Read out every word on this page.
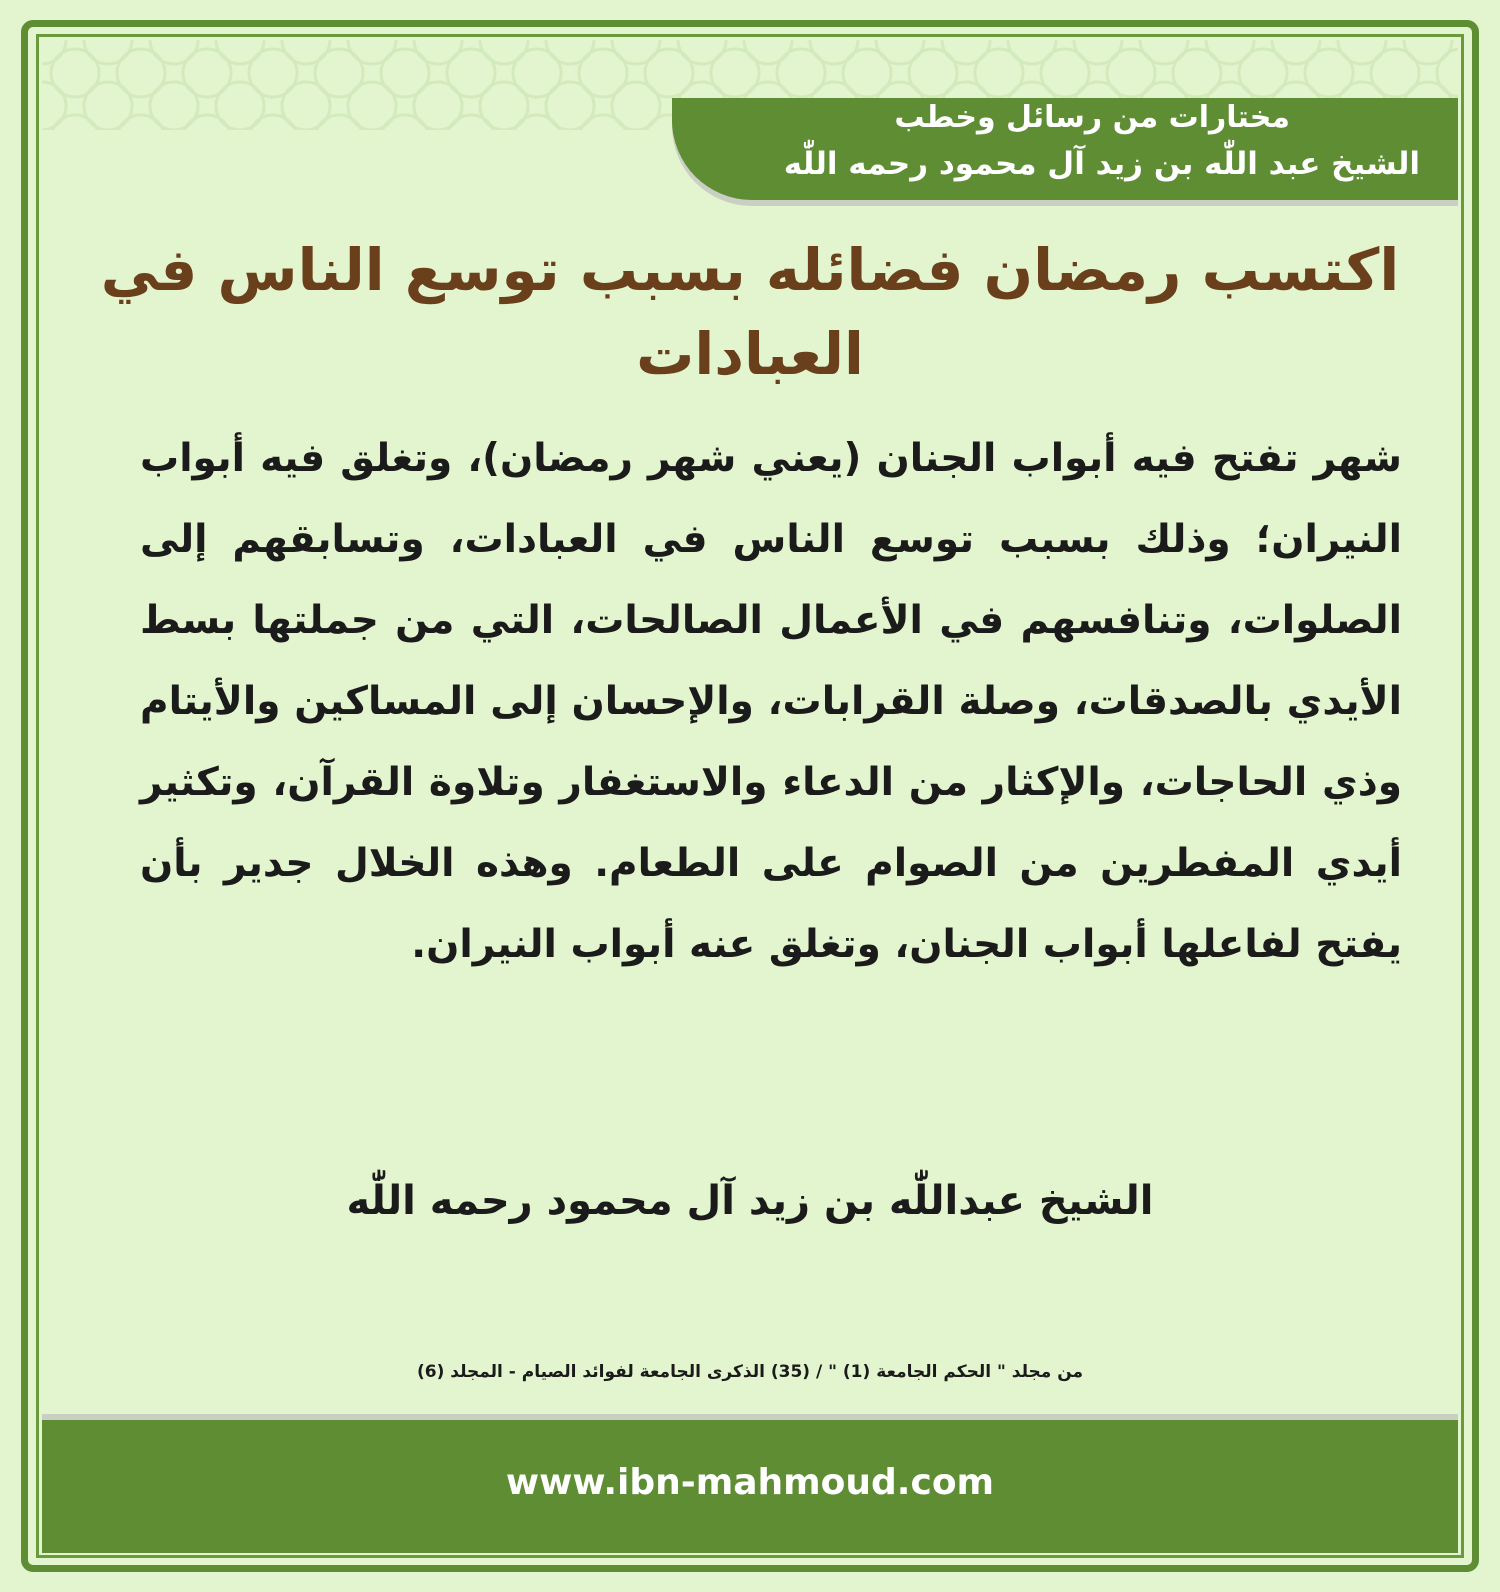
مختارات من رسائل وخطب
الشيخ عبد اللّٰه بن زيد آل محمود رحمه اللّٰه
اكتسب رمضان فضائله بسبب توسع الناس في العبادات
شهر تفتح فيه أبواب الجنان (يعني شهر رمضان)، وتغلق فيه أبواب النيران؛ وذلك بسبب توسع الناس في العبادات، وتسابقهم إلى الصلوات، وتنافسهم في الأعمال الصالحات، التي من جملتها بسط الأيدي بالصدقات، وصلة القرابات، والإحسان إلى المساكين والأيتام وذي الحاجات، والإكثار من الدعاء والاستغفار وتلاوة القرآن، وتكثير أيدي المفطرين من الصوام على الطعام. وهذه الخلال جدير بأن يفتح لفاعلها أبواب الجنان، وتغلق عنه أبواب النيران.
الشيخ عبداللّٰه بن زيد آل محمود رحمه اللّٰه
من مجلد " الحكم الجامعة (1) " / (35) الذكرى الجامعة لفوائد الصيام - المجلد (6)
www.ibn-mahmoud.com
